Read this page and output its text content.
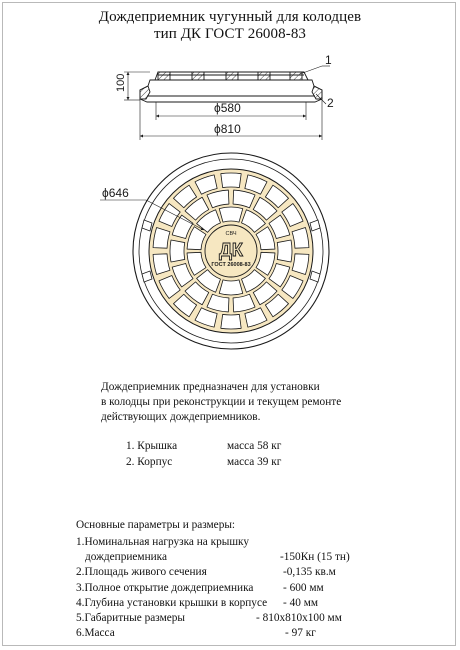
Дождеприемник чугунный для колодцев
тип ДК ГОСТ 26008-83
100
ϕ580
ϕ810
1
2
ϕ646
СВЧ
ДК
ГОСТ 26008-83
Дождеприемник предназначен для установки
в колодцы при реконструкции и текущем ремонте
действующих дождеприемников.
1. Крышка	масса 58 кг
2. Корпус	масса 39 кг
Основные параметры и размеры:
1.Номинальная нагрузка на крышку
дождеприемника	-150Кн (15 тн)
2.Площадь живого сечения	-0,135 кв.м
3.Полное открытие дождеприемника	- 600 мм
4.Глубина установки крышки в корпусе - 40 мм
5.Габаритные размеры	- 810x810x100 мм
6.Масса	- 97 кг
